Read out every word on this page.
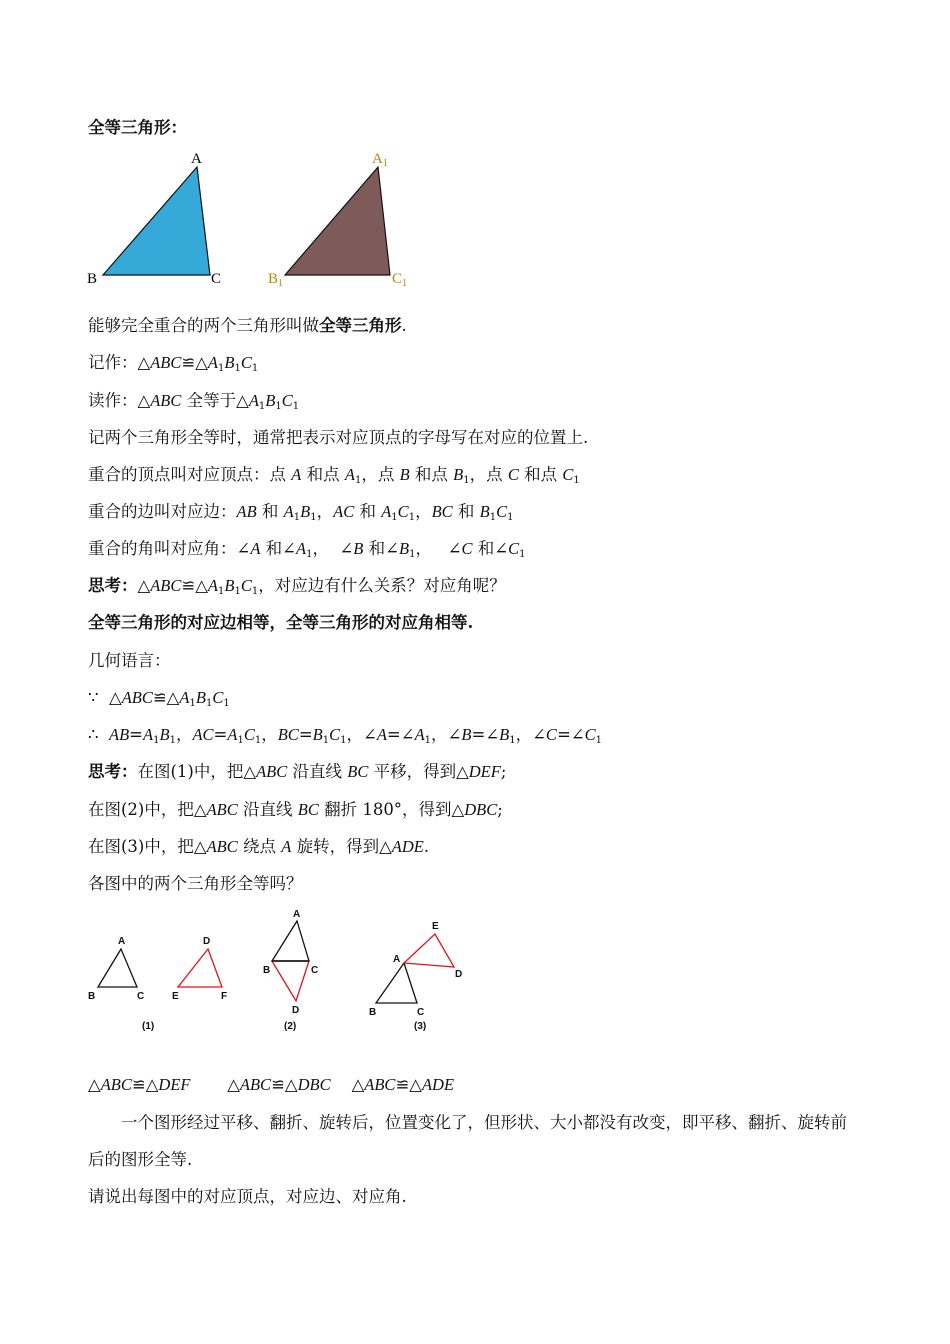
全等三角形：
A
B	C
$A_1$
$B_1$	$C_1$
能够完全重合的两个三角形叫做全等三角形.
记作：$\triangle ABC≌\triangle A_1B_1C_1$
读作：△ABC 全等于$\triangle A_1B_1C_1$
记两个三角形全等时，通常把表示对应顶点的字母写在对应的位置上.
重合的顶点叫对应顶点：点 A 和点 $A_1$，点 B 和点 $B_1$，点 C 和点 $C_1$
重合的边叫对应边：AB 和 $A_1B_1$，AC 和 $A_1C_1$，BC 和 $B_1C_1$
重合的角叫对应角：∠A 和$\angle A_1$，  ∠B 和$\angle B_1$，   ∠C 和$\angle C_1$
思考：$\triangle ABC≌\triangle A_1B_1C_1$，对应边有什么关系？对应角呢？
全等三角形的对应边相等，全等三角形的对应角相等.
几何语言：
∵  $\triangle ABC≌\triangle A_1B_1C_1$
∴ $AB=A_1B_1$，$AC=A_1C_1$，$BC=B_1C_1$，$\angle A=\angle A_1$，$\angle B=\angle B_1$，$\angle C=\angle C_1$
思考：在图(1)中，把△ABC 沿直线 BC 平移，得到△DEF;
在图(2)中，把△ABC 沿直线 BC 翻折 180°，得到△DBC;
在图(3)中，把△ABC 绕点 A 旋转，得到△ADE.
各图中的两个三角形全等吗？
A
B	C
D
E	F
(1)
A
B	C
D
(2)
A
B	C
E
D
(3)
△ABC≌△DEF       △ABC≌△DBC    △ABC≌△ADE
一个图形经过平移、翻折、旋转后，位置变化了，但形状、大小都没有改变，即平移、翻折、旋转前后的图形全等.
请说出每图中的对应顶点，对应边、对应角.
